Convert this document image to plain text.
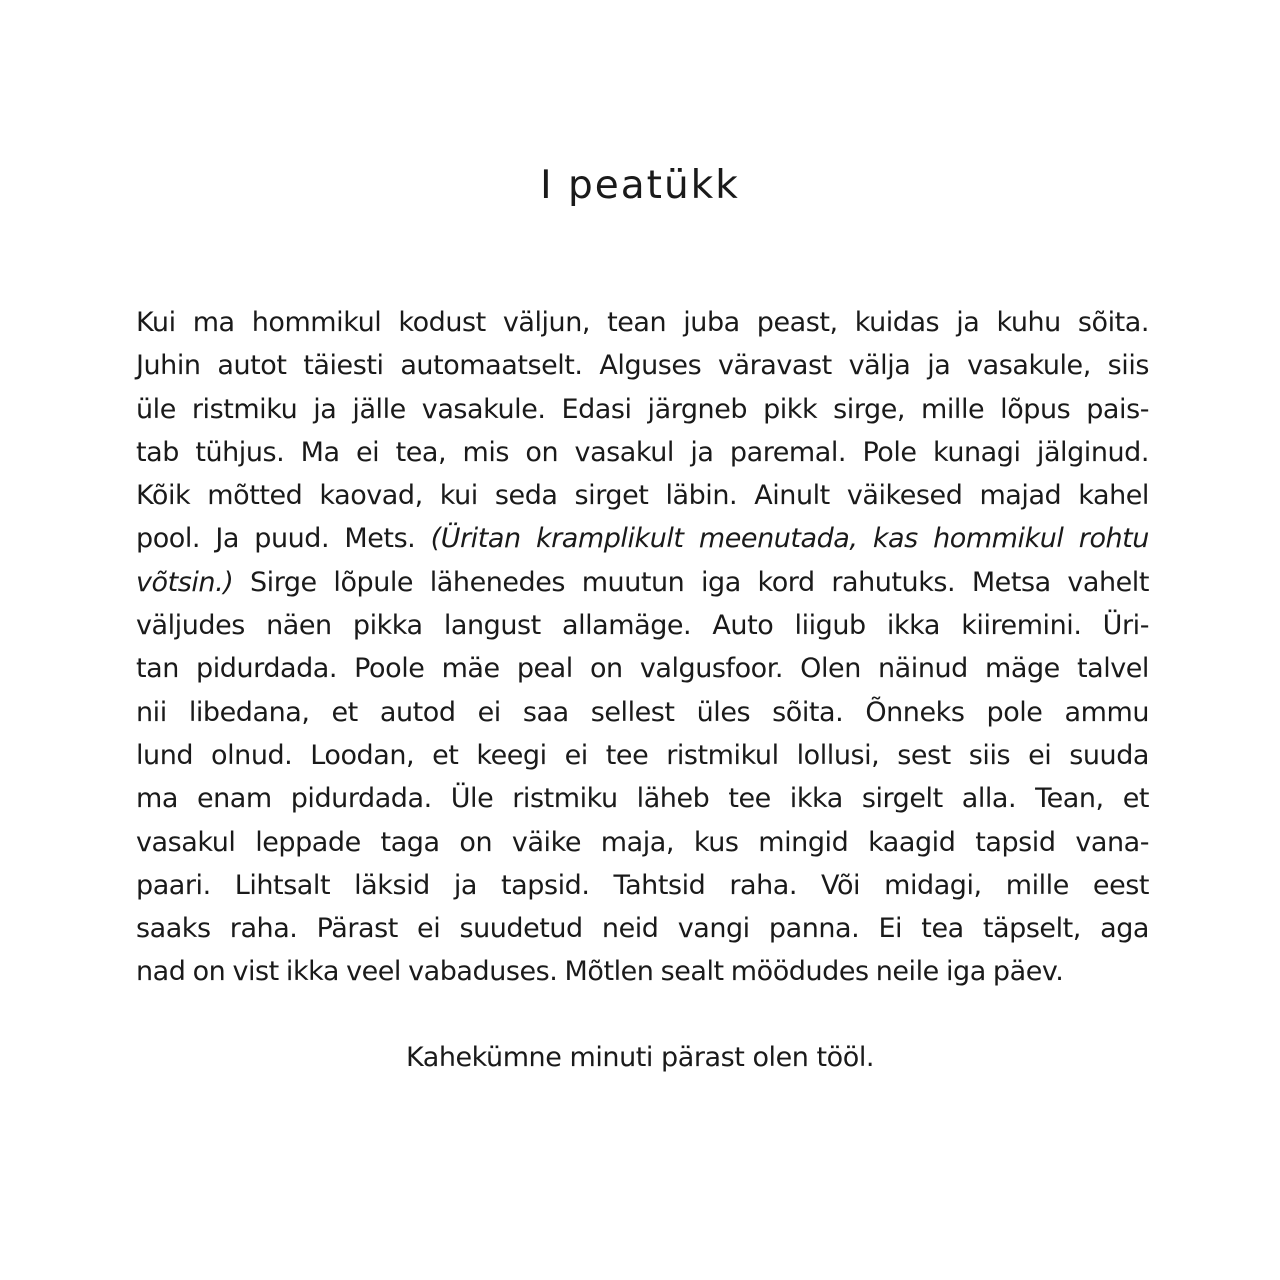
I peatükk
Kui ma hommikul kodust väljun, tean juba peast, kuidas ja kuhu sõita.
Juhin autot täiesti automaatselt. Alguses väravast välja ja vasakule, siis
üle ristmiku ja jälle vasakule. Edasi järgneb pikk sirge, mille lõpus pais-
tab tühjus. Ma ei tea, mis on vasakul ja paremal. Pole kunagi jälginud.
Kõik mõtted kaovad, kui seda sirget läbin. Ainult väikesed majad kahel
pool. Ja puud. Mets. (Üritan kramplikult meenutada, kas hommikul rohtu
võtsin.) Sirge lõpule lähenedes muutun iga kord rahutuks. Metsa vahelt
väljudes näen pikka langust allamäge. Auto liigub ikka kiiremini. Üri-
tan pidurdada. Poole mäe peal on valgusfoor. Olen näinud mäge talvel
nii libedana, et autod ei saa sellest üles sõita. Õnneks pole ammu
lund olnud. Loodan, et keegi ei tee ristmikul lollusi, sest siis ei suuda
ma enam pidurdada. Üle ristmiku läheb tee ikka sirgelt alla. Tean, et
vasakul leppade taga on väike maja, kus mingid kaagid tapsid vana-
paari. Lihtsalt läksid ja tapsid. Tahtsid raha. Või midagi, mille eest
saaks raha. Pärast ei suudetud neid vangi panna. Ei tea täpselt, aga
nad on vist ikka veel vabaduses. Mõtlen sealt möödudes neile iga päev.

Kahekümne minuti pärast olen tööl.
